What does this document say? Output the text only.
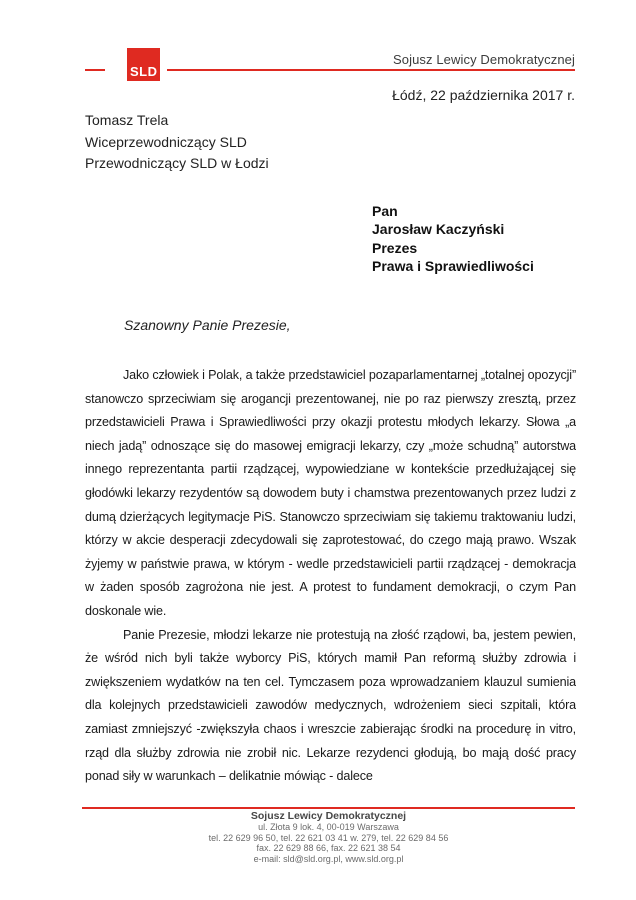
Sojusz Lewicy Demokratycznej
SLD
Łódź, 22 października 2017 r.
Tomasz Trela
Wiceprzewodniczący SLD
Przewodniczący SLD w Łodzi
Pan
Jarosław Kaczyński
Prezes
Prawa i Sprawiedliwości
Szanowny Panie Prezesie,

Jako człowiek i Polak, a także przedstawiciel pozaparlamentarnej „totalnej opozycji” stanowczo sprzeciwiam się arogancji prezentowanej, nie po raz pierwszy zresztą, przez przedstawicieli Prawa i Sprawiedliwości przy okazji protestu młodych lekarzy. Słowa „a niech jadą” odnoszące się do masowej emigracji lekarzy, czy „może schudną” autorstwa innego reprezentanta partii rządzącej, wypowiedziane w kontekście przedłużającej się głodówki lekarzy rezydentów są dowodem buty i chamstwa prezentowanych przez ludzi z dumą dzierżących legitymacje PiS. Stanowczo sprzeciwiam się takiemu traktowaniu ludzi, którzy w akcie desperacji zdecydowali się zaprotestować, do czego mają prawo. Wszak żyjemy w państwie prawa, w którym - wedle przedstawicieli partii rządzącej - demokracja w żaden sposób zagrożona nie jest. A protest to fundament demokracji, o czym Pan doskonale wie.

Panie Prezesie, młodzi lekarze nie protestują na złość rządowi, ba, jestem pewien, że wśród nich byli także wyborcy PiS, których mamił Pan reformą służby zdrowia i zwiększeniem wydatków na ten cel. Tymczasem poza wprowadzaniem klauzul sumienia dla kolejnych przedstawicieli zawodów medycznych, wdrożeniem sieci szpitali, która zamiast zmniejszyć -zwiększyła chaos i wreszcie zabierając środki na procedurę in vitro, rząd dla służby zdrowia nie zrobił nic. Lekarze rezydenci głodują, bo mają dość pracy ponad siły w warunkach – delikatnie mówiąc - dalece

Sojusz Lewicy Demokratycznej
ul. Złota 9 lok. 4, 00-019 Warszawa
tel. 22 629 96 50, tel. 22 621 03 41 w. 279, tel. 22 629 84 56
fax. 22 629 88 66, fax. 22 621 38 54
e-mail: sld@sld.org.pl, www.sld.org.pl
